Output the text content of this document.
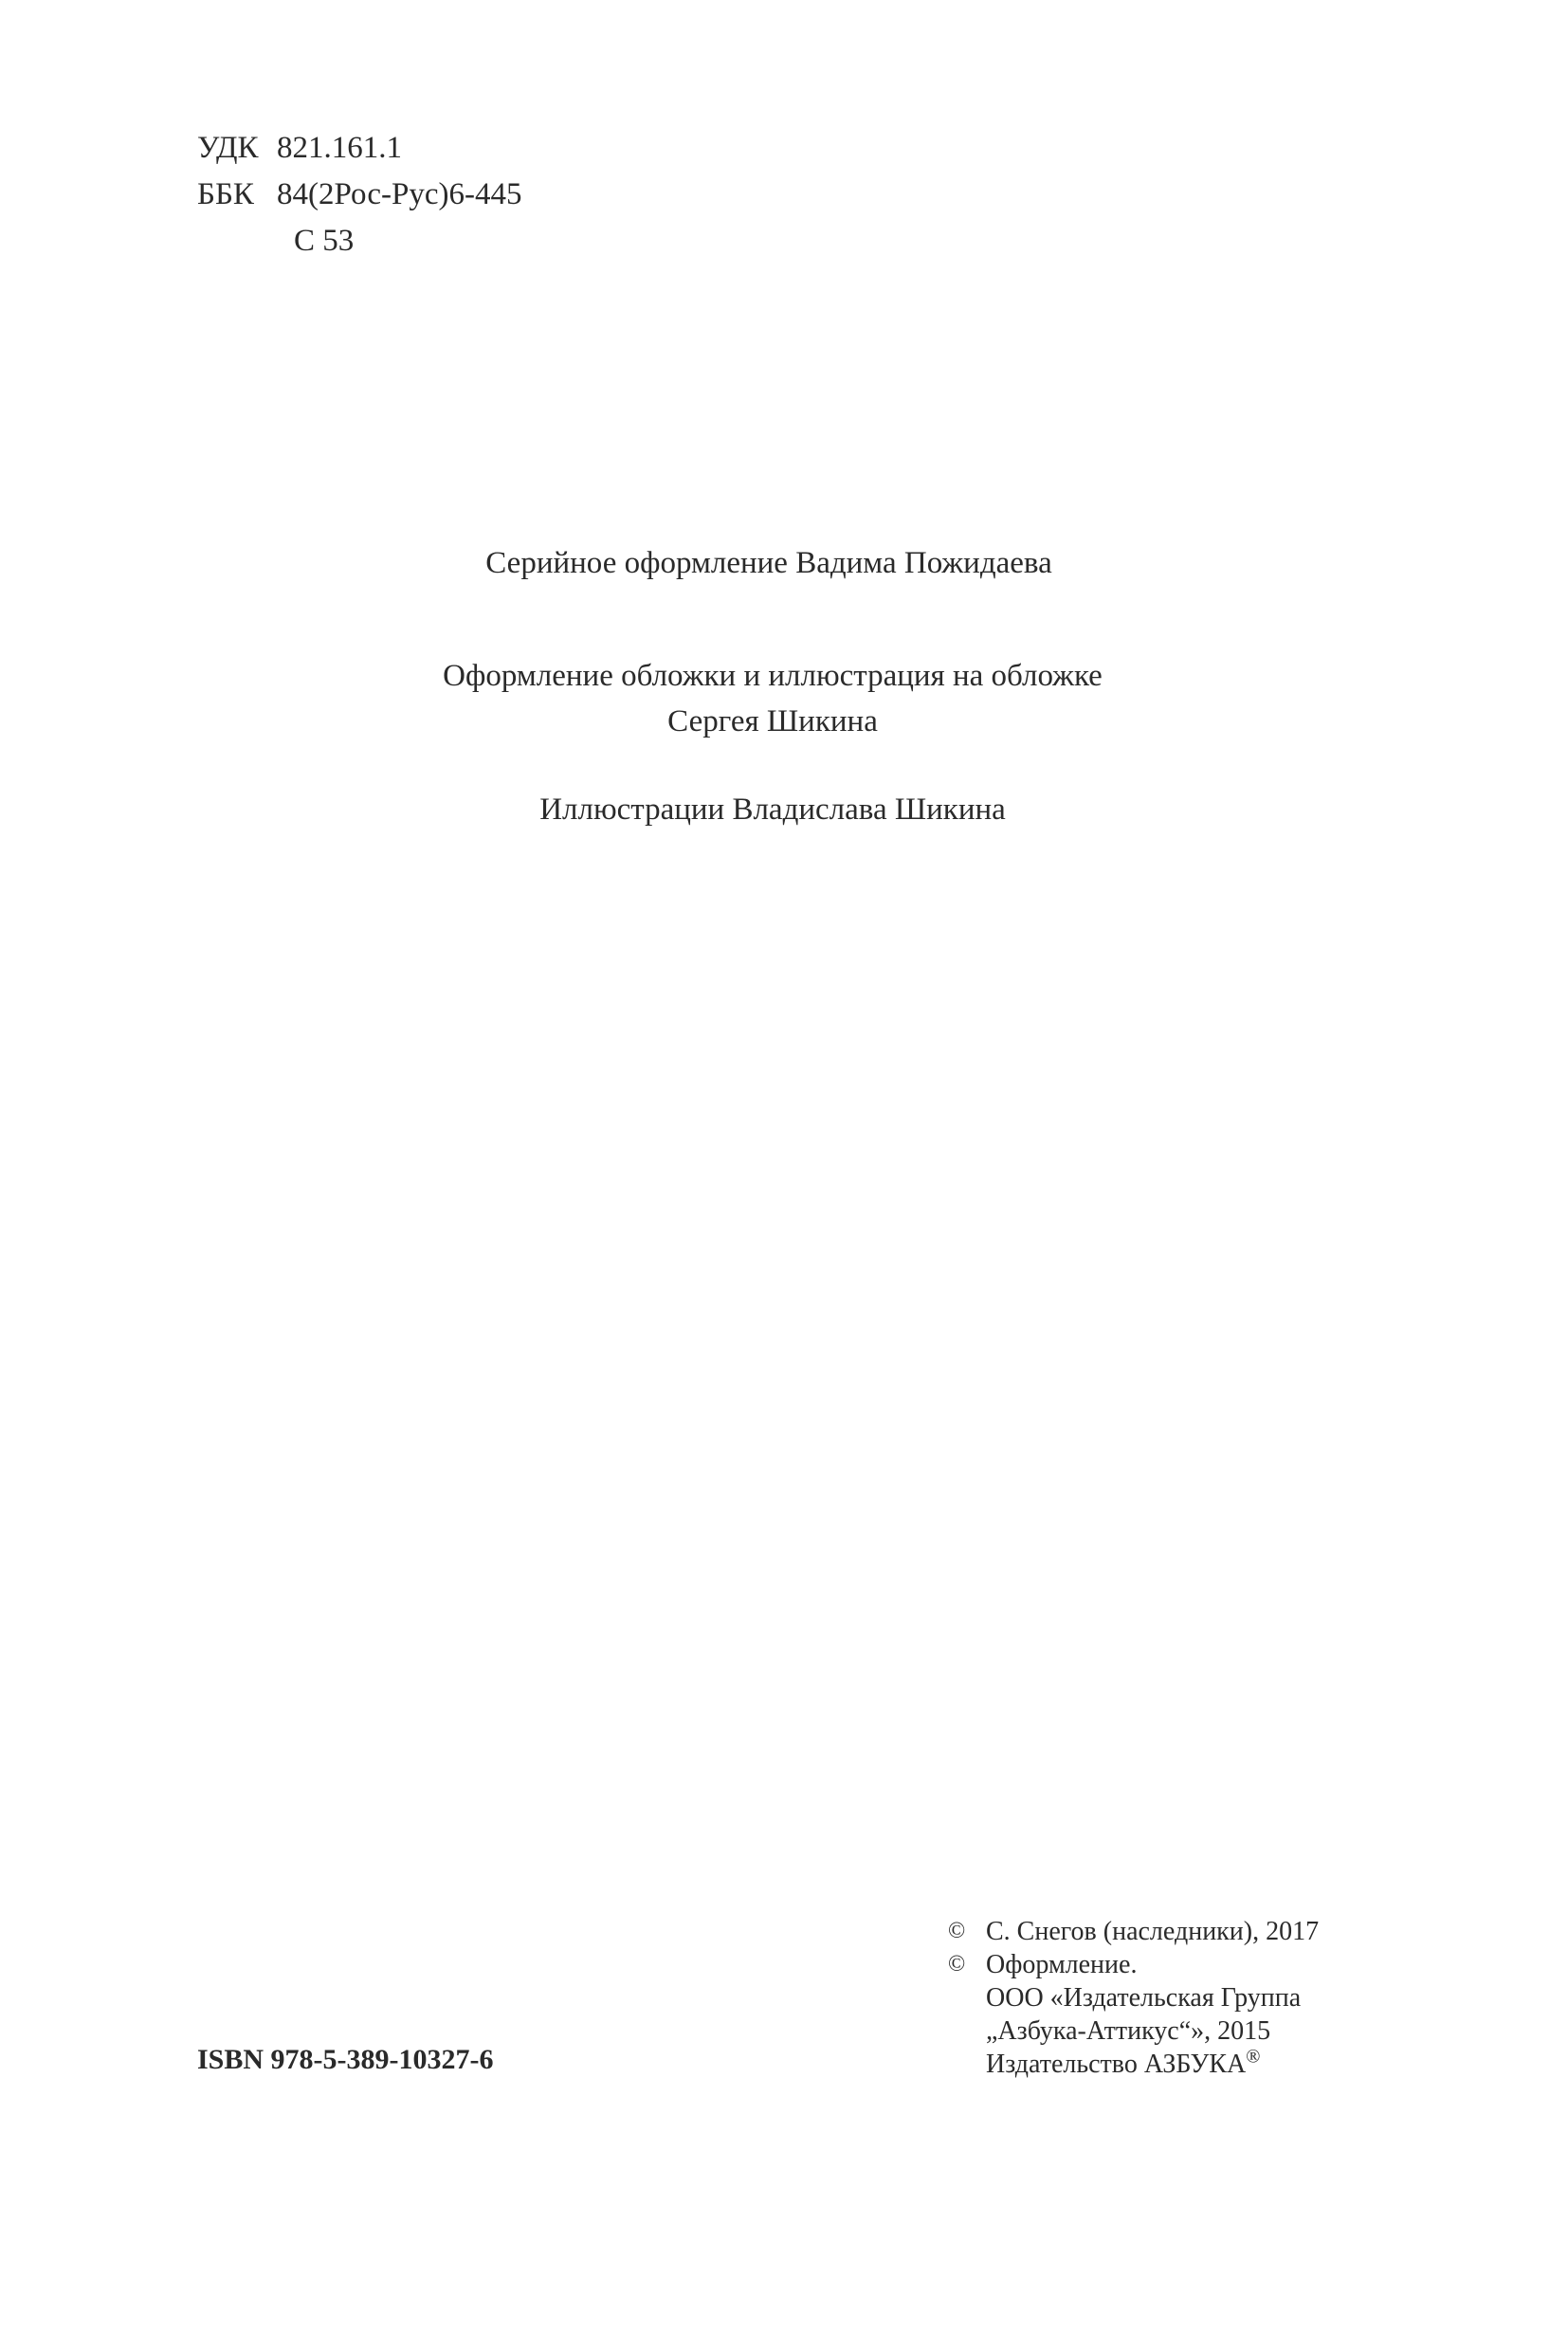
УДК 821.161.1
ББК 84(2Рос-Рус)6-445
С 53
Серийное оформление Вадима Пожидаева
Оформление обложки и иллюстрация на обложке
Сергея Шикина
Иллюстрации Владислава Шикина
ISBN 978-5-389-10327-6
© С. Снегов (наследники), 2017
© Оформление.
ООО «Издательская Группа
„Азбука-Аттикус“», 2015
Издательство АЗБУКА®
